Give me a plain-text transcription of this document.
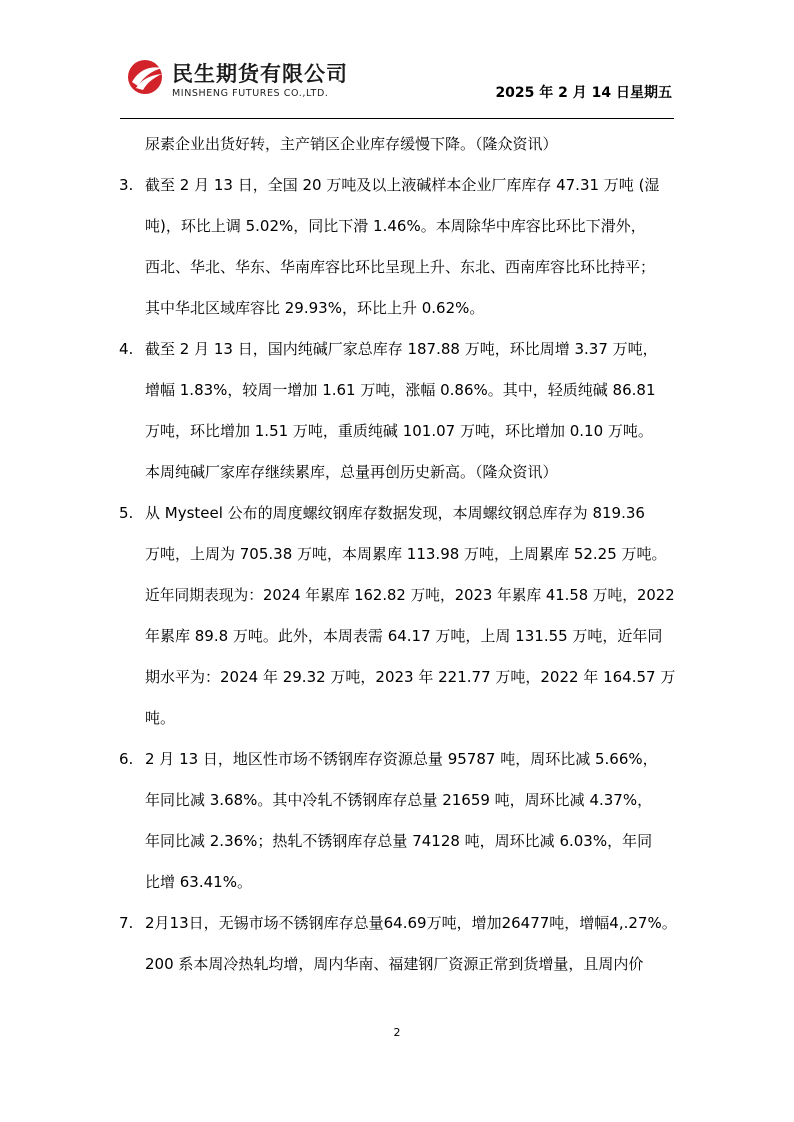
民生期货有限公司
MINSHENG FUTURES CO.,LTD.	2025 年 2 月 14 日星期五
尿素企业出货好转，主产销区企业库存缓慢下降。（隆众资讯）
3. 截至 2 月 13 日，全国 20 万吨及以上液碱样本企业厂库库存 47.31 万吨 (湿
吨)，环比上调 5.02%，同比下滑 1.46%。本周除华中库容比环比下滑外，
西北、华北、华东、华南库容比环比呈现上升、东北、西南库容比环比持平；
其中华北区域库容比 29.93%，环比上升 0.62%。
4. 截至 2 月 13 日，国内纯碱厂家总库存 187.88 万吨，环比周增 3.37 万吨，
增幅 1.83%，较周一增加 1.61 万吨，涨幅 0.86%。其中，轻质纯碱 86.81
万吨，环比增加 1.51 万吨，重质纯碱 101.07 万吨，环比增加 0.10 万吨。
本周纯碱厂家库存继续累库，总量再创历史新高。（隆众资讯）
5. 从 Mysteel 公布的周度螺纹钢库存数据发现，本周螺纹钢总库存为 819.36
万吨，上周为 705.38 万吨，本周累库 113.98 万吨，上周累库 52.25 万吨。
近年同期表现为：2024 年累库 162.82 万吨，2023 年累库 41.58 万吨，2022
年累库 89.8 万吨。此外，本周表需 64.17 万吨，上周 131.55 万吨，近年同
期水平为：2024 年 29.32 万吨，2023 年 221.77 万吨，2022 年 164.57 万
吨。
6. 2 月 13 日，地区性市场不锈钢库存资源总量 95787 吨，周环比减 5.66%，
年同比减 3.68%。其中冷轧不锈钢库存总量 21659 吨，周环比减 4.37%，
年同比减 2.36%；热轧不锈钢库存总量 74128 吨，周环比减 6.03%，年同
比增 63.41%。
7. 2月13日，无锡市场不锈钢库存总量64.69万吨，增加26477吨，增幅4,.27%。
200 系本周冷热轧均增，周内华南、福建钢厂资源正常到货增量，且周内价
2
